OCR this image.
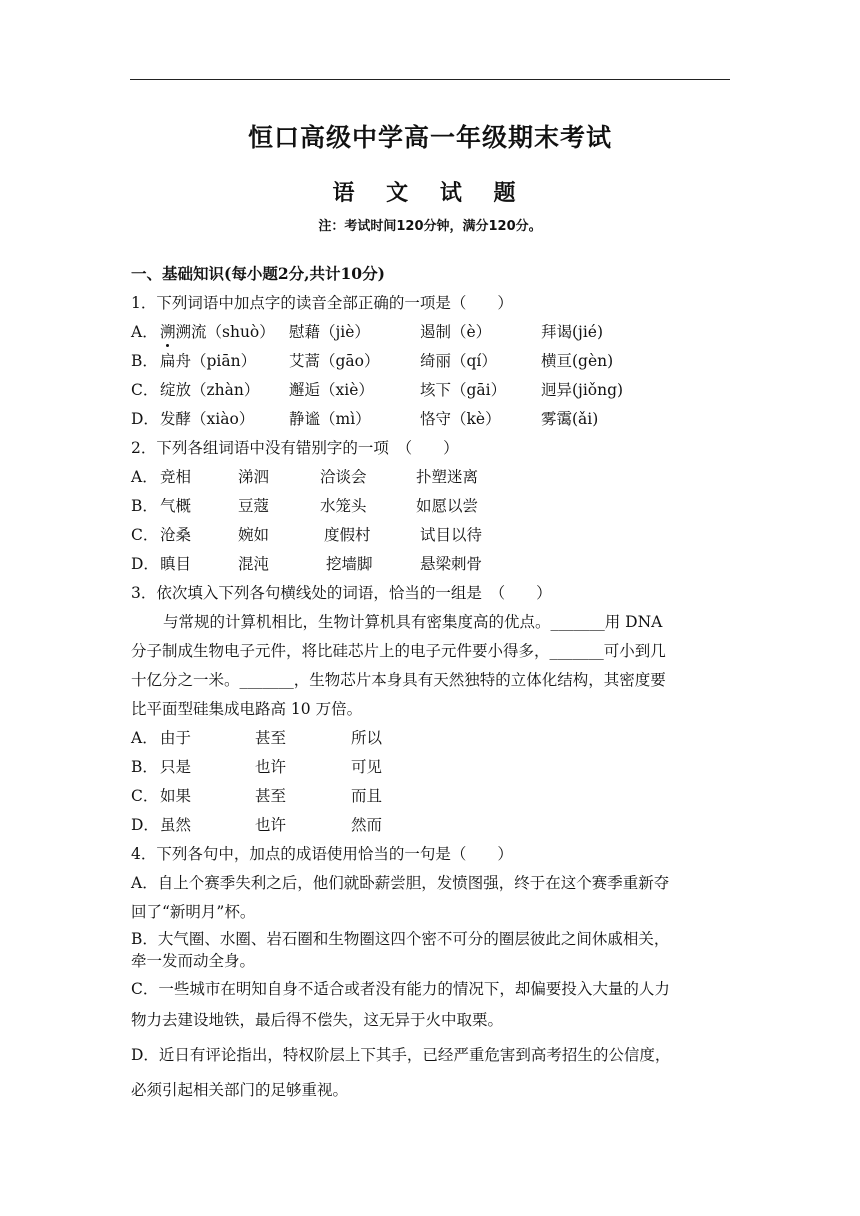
恒口高级中学高一年级期末考试
语 文 试 题
注：考试时间120分钟，满分120分。
一、基础知识(每小题2分,共计10分)
1．下列词语中加点字的读音全部正确的一项是（　　）
A． 溯溯流（shuò） 慰藉（jiè）	遏制（è）	拜谒(jié)
B． 扁舟（piān） 艾蒿（gāo）	绮丽（qí）	横亘(gèn)
C． 绽放（zhàn） 邂逅（xiè）	垓下（gāi） 迥异(jiǒng)
D． 发酵（xiào） 静谧（mì）	恪守（kè）	雾霭(ǎi)
2．下列各组词语中没有错别字的一项　（　　）
A． 竞相	涕泗	洽谈会	扑塑迷离
B． 气概	豆蔻	水笼头	如愿以尝
C． 沧桑	婉如	度假村	试目以待
D． 瞋目	混沌	挖墙脚	悬梁刺骨
3．依次填入下列各句横线处的词语，恰当的一组是　（　　）
与常规的计算机相比，生物计算机具有密集度高的优点。_______用 DNA
分子制成生物电子元件，将比硅芯片上的电子元件要小得多，_______可小到几
十亿分之一米。_______，生物芯片本身具有天然独特的立体化结构，其密度要
比平面型硅集成电路高 10 万倍。
A． 由于	甚至	所以
B． 只是	也许	可见
C． 如果	甚至	而且
D． 虽然	也许	然而
4．下列各句中，加点的成语使用恰当的一句是（　　）
A．自上个赛季失利之后，他们就卧薪尝胆，发愤图强，终于在这个赛季重新夺
回了“新明月”杯。
B．大气圈、水圈、岩石圈和生物圈这四个密不可分的圈层彼此之间休戚相关，
牵一发而动全身。
C．一些城市在明知自身不适合或者没有能力的情况下，却偏要投入大量的人力
物力去建设地铁，最后得不偿失，这无异于火中取栗。
D．近日有评论指出，特权阶层上下其手，已经严重危害到高考招生的公信度，
必须引起相关部门的足够重视。
